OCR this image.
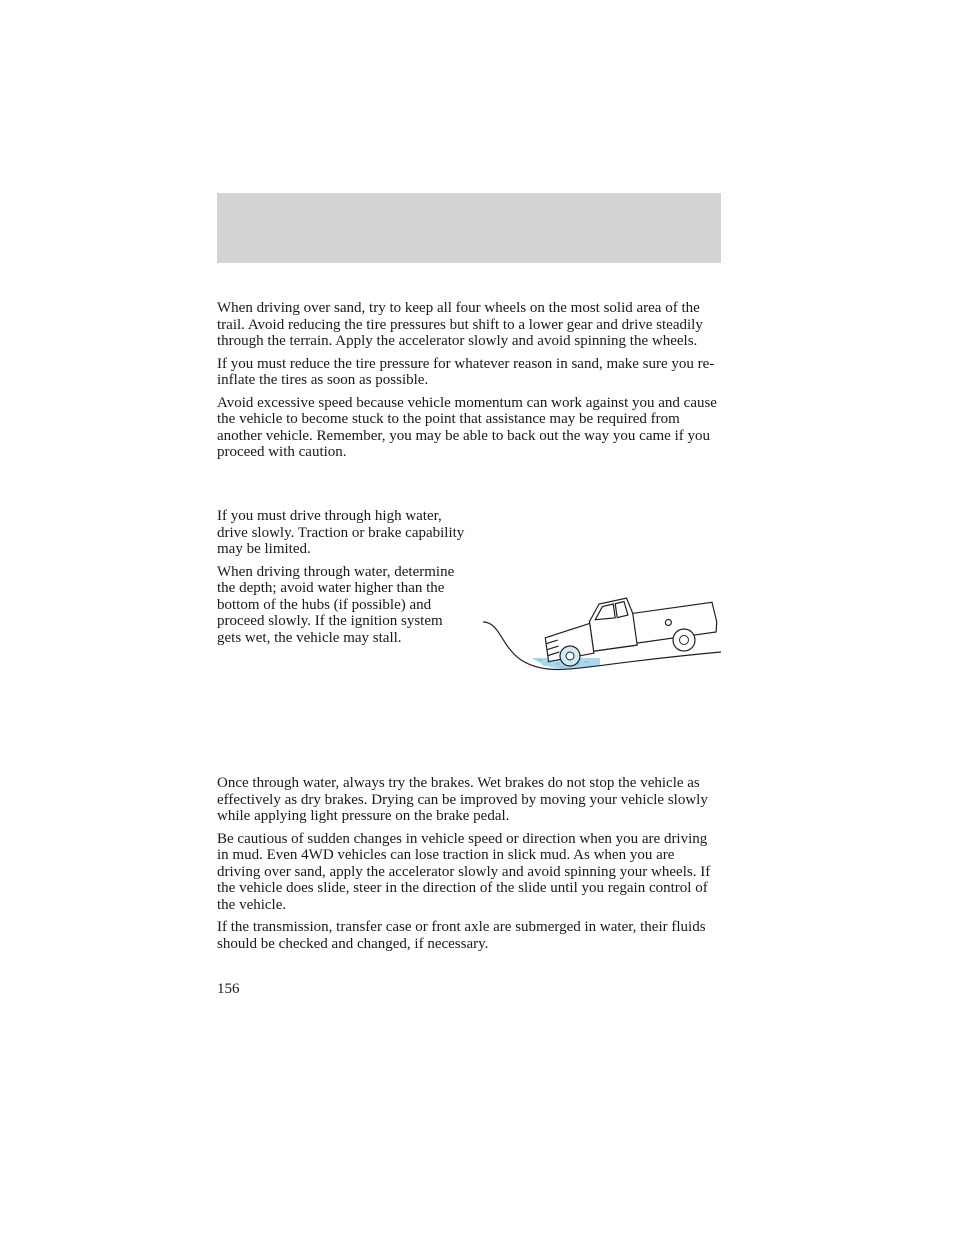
When driving over sand, try to keep all four wheels on the most solid area of the trail. Avoid reducing the tire pressures but shift to a lower gear and drive steadily through the terrain. Apply the accelerator slowly and avoid spinning the wheels.

If you must reduce the tire pressure for whatever reason in sand, make sure you re-inflate the tires as soon as possible.

Avoid excessive speed because vehicle momentum can work against you and cause the vehicle to become stuck to the point that assistance may be required from another vehicle. Remember, you may be able to back out the way you came if you proceed with caution.

If you must drive through high water, drive slowly. Traction or brake capability may be limited.

When driving through water, determine the depth; avoid water higher than the bottom of the hubs (if possible) and proceed slowly. If the ignition system gets wet, the vehicle may stall.

Once through water, always try the brakes. Wet brakes do not stop the vehicle as effectively as dry brakes. Drying can be improved by moving your vehicle slowly while applying light pressure on the brake pedal.

Be cautious of sudden changes in vehicle speed or direction when you are driving in mud. Even 4WD vehicles can lose traction in slick mud. As when you are driving over sand, apply the accelerator slowly and avoid spinning your wheels. If the vehicle does slide, steer in the direction of the slide until you regain control of the vehicle.

If the transmission, transfer case or front axle are submerged in water, their fluids should be checked and changed, if necessary.

156
